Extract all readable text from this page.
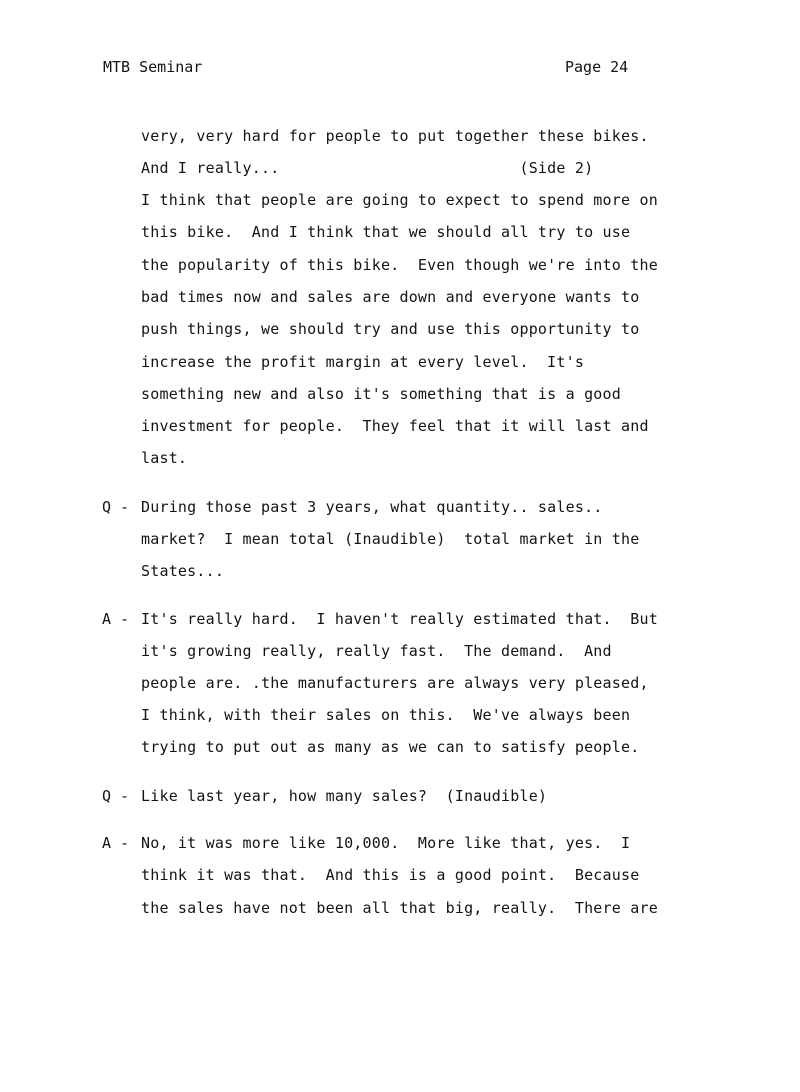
MTB Seminar	Page 24
very, very hard for people to put together these bikes.
And I really...                          (Side 2)
I think that people are going to expect to spend more on
this bike.  And I think that we should all try to use
the popularity of this bike.  Even though we're into the
bad times now and sales are down and everyone wants to
push things, we should try and use this opportunity to
increase the profit margin at every level.  It's
something new and also it's something that is a good
investment for people.  They feel that it will last and
last.
Q - During those past 3 years, what quantity.. sales..
market?  I mean total (Inaudible)  total market in the
States...
A - It's really hard.  I haven't really estimated that.  But
it's growing really, really fast.  The demand.  And
people are. .the manufacturers are always very pleased,
I think, with their sales on this.  We've always been
trying to put out as many as we can to satisfy people.
Q - Like last year, how many sales?  (Inaudible)
A - No, it was more like 10,000.  More like that, yes.  I
think it was that.  And this is a good point.  Because
the sales have not been all that big, really.  There are
